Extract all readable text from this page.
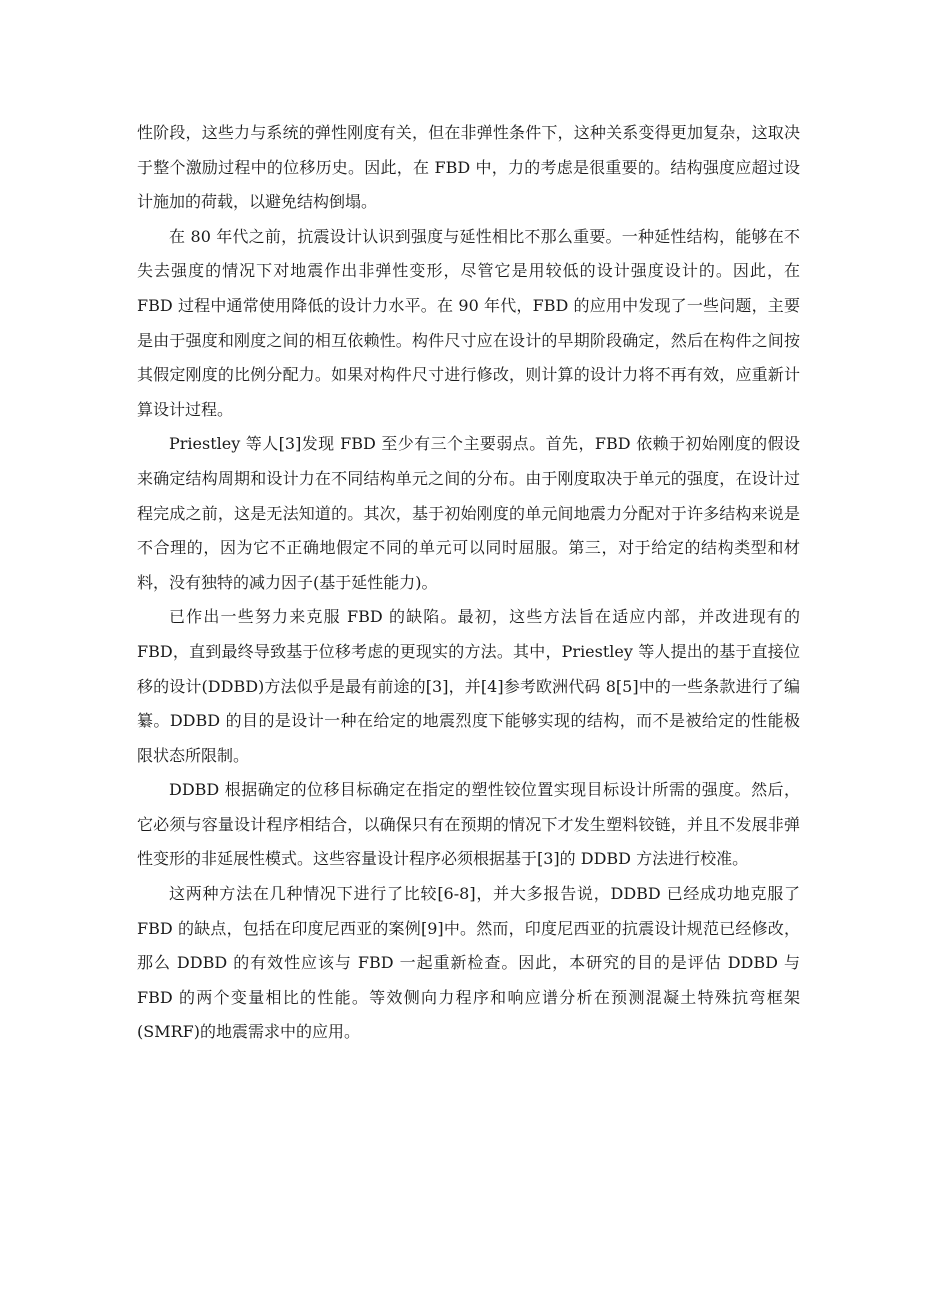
性阶段，这些力与系统的弹性刚度有关，但在非弹性条件下，这种关系变得更加复杂，这取决于整个激励过程中的位移历史。因此，在 FBD 中，力的考虑是很重要的。结构强度应超过设计施加的荷载，以避免结构倒塌。

在 80 年代之前，抗震设计认识到强度与延性相比不那么重要。一种延性结构，能够在不失去强度的情况下对地震作出非弹性变形，尽管它是用较低的设计强度设计的。因此，在 FBD 过程中通常使用降低的设计力水平。在 90 年代，FBD 的应用中发现了一些问题，主要是由于强度和刚度之间的相互依赖性。构件尺寸应在设计的早期阶段确定，然后在构件之间按其假定刚度的比例分配力。如果对构件尺寸进行修改，则计算的设计力将不再有效，应重新计算设计过程。

Priestley 等人[3]发现 FBD 至少有三个主要弱点。首先，FBD 依赖于初始刚度的假设来确定结构周期和设计力在不同结构单元之间的分布。由于刚度取决于单元的强度，在设计过程完成之前，这是无法知道的。其次，基于初始刚度的单元间地震力分配对于许多结构来说是不合理的，因为它不正确地假定不同的单元可以同时屈服。第三，对于给定的结构类型和材料，没有独特的减力因子(基于延性能力)。

已作出一些努力来克服 FBD 的缺陷。最初，这些方法旨在适应内部，并改进现有的 FBD，直到最终导致基于位移考虑的更现实的方法。其中，Priestley 等人提出的基于直接位移的设计(DDBD)方法似乎是最有前途的[3]，并[4]参考欧洲代码 8[5]中的一些条款进行了编纂。DDBD 的目的是设计一种在给定的地震烈度下能够实现的结构，而不是被给定的性能极限状态所限制。

DDBD 根据确定的位移目标确定在指定的塑性铰位置实现目标设计所需的强度。然后，它必须与容量设计程序相结合，以确保只有在预期的情况下才发生塑料铰链，并且不发展非弹性变形的非延展性模式。这些容量设计程序必须根据基于[3]的 DDBD 方法进行校准。

这两种方法在几种情况下进行了比较[6-8]，并大多报告说，DDBD 已经成功地克服了 FBD 的缺点，包括在印度尼西亚的案例[9]中。然而，印度尼西亚的抗震设计规范已经修改，那么 DDBD 的有效性应该与 FBD 一起重新检查。因此，本研究的目的是评估 DDBD 与 FBD 的两个变量相比的性能。等效侧向力程序和响应谱分析在预测混凝土特殊抗弯框架(SMRF)的地震需求中的应用。
